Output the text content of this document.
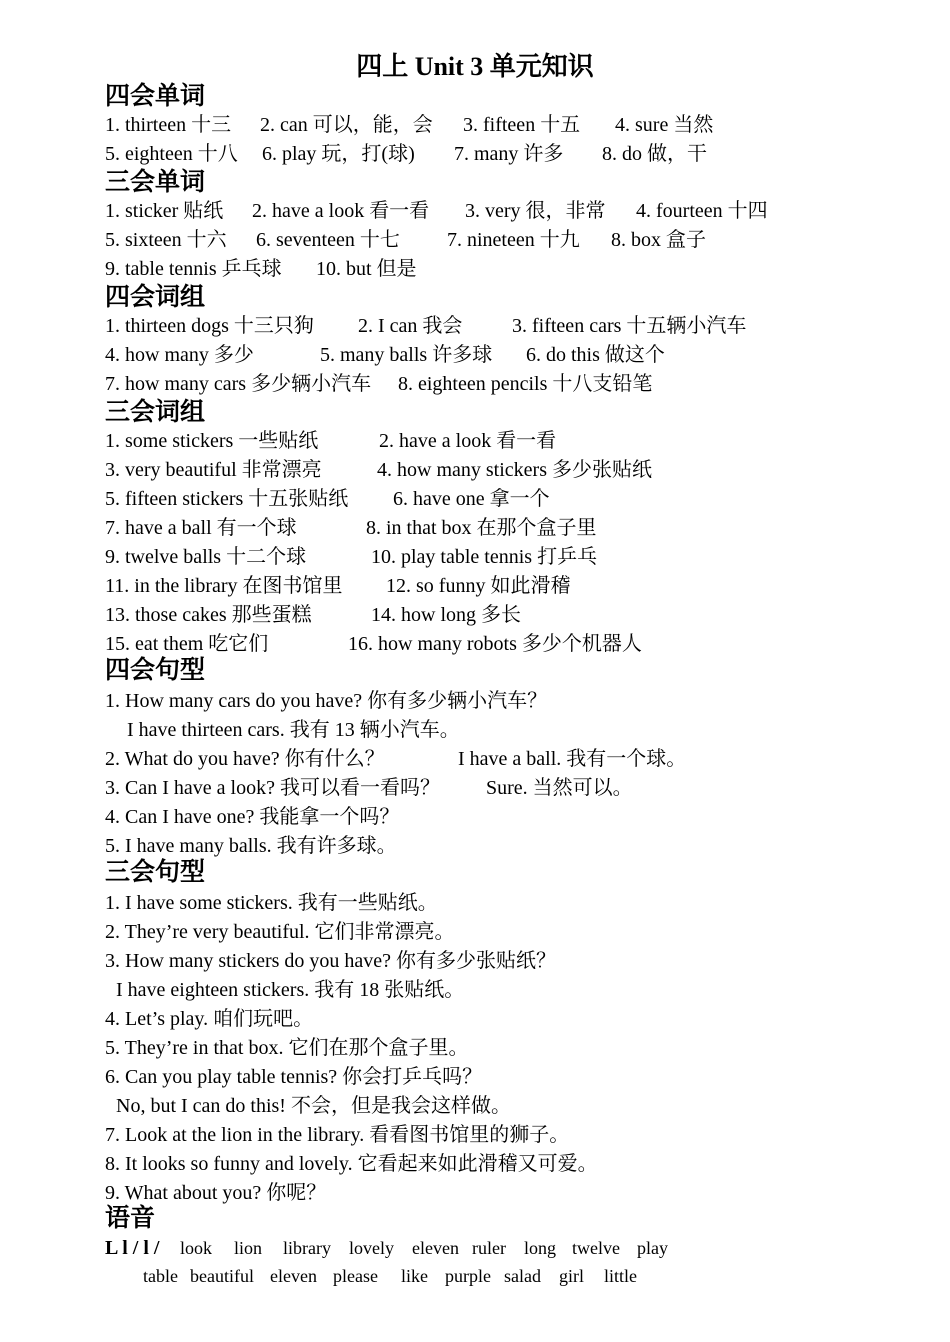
四上 Unit 3 单元知识
四会单词
1. thirteen 十三 2. can 可以，能，会 3. fifteen 十五 4. sure 当然
5. eighteen 十八 6. play 玩，打(球) 7. many 许多 8. do 做，干
三会单词
1. sticker 贴纸 2. have a look 看一看 3. very 很，非常 4. fourteen 十四
5. sixteen 十六 6. seventeen 十七 7. nineteen 十九 8. box 盒子
9. table tennis 乒乓球 10. but 但是
四会词组
1. thirteen dogs 十三只狗 2. I can 我会 3. fifteen cars 十五辆小汽车
4. how many 多少	5. many balls 许多球 6. do this 做这个
7. how many cars 多少辆小汽车 8. eighteen pencils 十八支铅笔
三会词组
1. some stickers 一些贴纸	2. have a look 看一看
3. very beautiful 非常漂亮	4. how many stickers 多少张贴纸
5. fifteen stickers 十五张贴纸 6. have one 拿一个
7. have a ball 有一个球	8. in that box 在那个盒子里
9. twelve balls 十二个球	10. play table tennis 打乒乓
11. in the library 在图书馆里 12. so funny 如此滑稽
13. those cakes 那些蛋糕	14. how long 多长
15. eat them 吃它们	16. how many robots 多少个机器人
四会句型
1. How many cars do you have? 你有多少辆小汽车？
I have thirteen cars. 我有 13 辆小汽车。
2. What do you have? 你有什么？	I have a ball. 我有一个球。
3. Can I have a look? 我可以看一看吗？ Sure. 当然可以。
4. Can I have one? 我能拿一个吗？
5. I have many balls. 我有许多球。
三会句型
1. I have some stickers. 我有一些贴纸。
2. They’re very beautiful. 它们非常漂亮。
3. How many stickers do you have? 你有多少张贴纸？
I have eighteen stickers. 我有 18 张贴纸。
4. Let’s play. 咱们玩吧。
5. They’re in that box. 它们在那个盒子里。
6. Can you play table tennis? 你会打乒乓吗？
No, but I can do this! 不会，但是我会这样做。
7. Look at the lion in the library. 看看图书馆里的狮子。
8. It looks so funny and lovely. 它看起来如此滑稽又可爱。
9. What about you? 你呢？
语音
L l / l / look lion library lovely eleven ruler long twelve play
table beautiful eleven please like purple salad girl little
